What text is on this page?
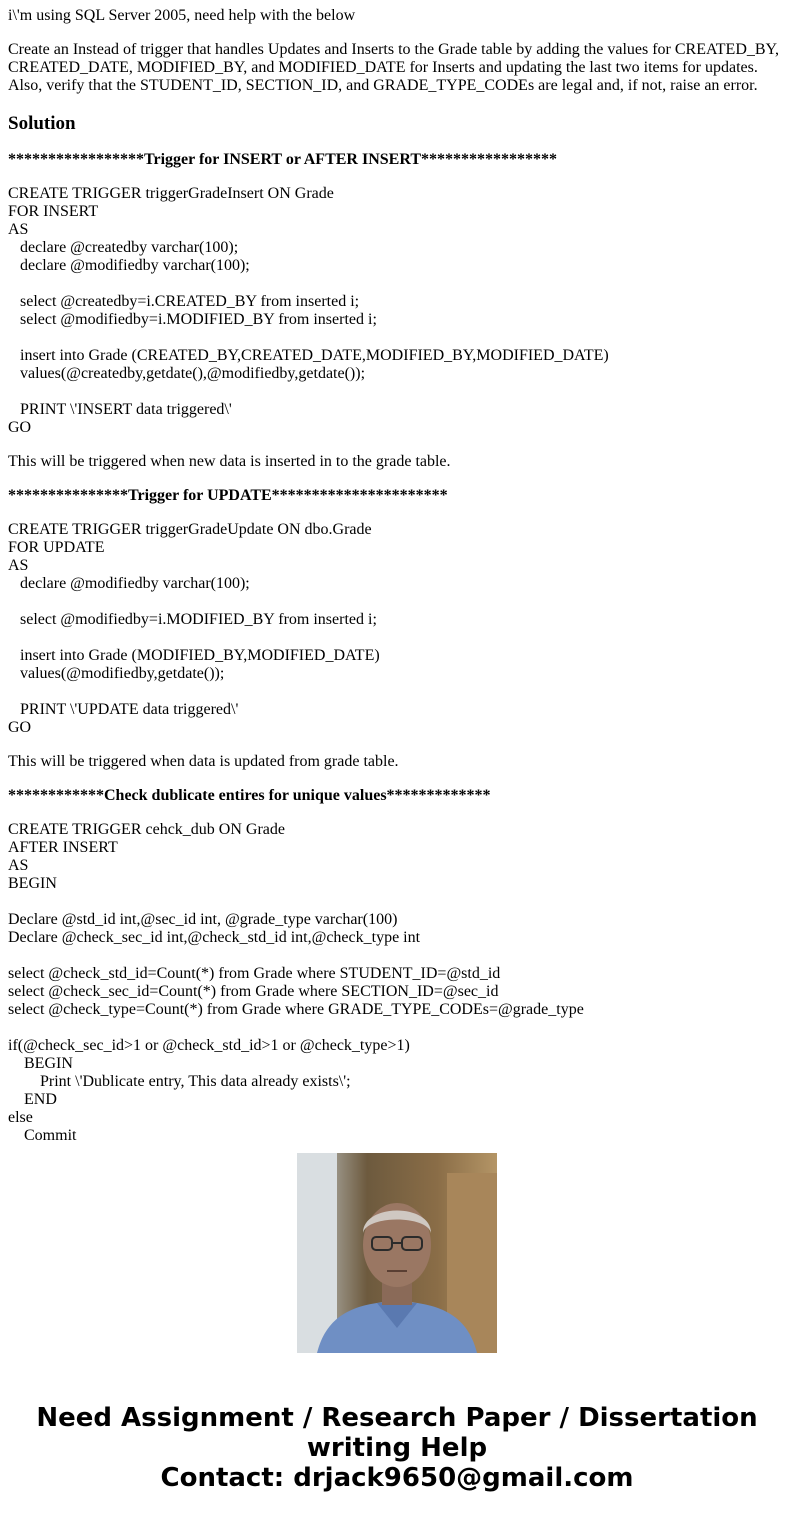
i\'m using SQL Server 2005, need help with the below

Create an Instead of trigger that handles Updates and Inserts to the Grade table by adding the values for CREATED_BY, CREATED_DATE, MODIFIED_BY, and MODIFIED_DATE for Inserts and updating the last two items for updates. Also, verify that the STUDENT_ID, SECTION_ID, and GRADE_TYPE_CODEs are legal and, if not, raise an error.

Solution
*****************Trigger for INSERT or AFTER INSERT*****************
CREATE TRIGGER triggerGradeInsert ON Grade
FOR INSERT
AS
declare @createdby varchar(100);
declare @modifiedby varchar(100);

select @createdby=i.CREATED_BY from inserted i;
select @modifiedby=i.MODIFIED_BY from inserted i;

insert into Grade (CREATED_BY,CREATED_DATE,MODIFIED_BY,MODIFIED_DATE)
values(@createdby,getdate(),@modifiedby,getdate());

PRINT \'INSERT data triggered\'
GO

This will be triggered when new data is inserted in to the grade table.

***************Trigger for UPDATE**********************
CREATE TRIGGER triggerGradeUpdate ON dbo.Grade
FOR UPDATE
AS
declare @modifiedby varchar(100);

select @modifiedby=i.MODIFIED_BY from inserted i;

insert into Grade (MODIFIED_BY,MODIFIED_DATE)
values(@modifiedby,getdate());

PRINT \'UPDATE data triggered\'
GO

This will be triggered when data is updated from grade table.

************Check dublicate entires for unique values*************
CREATE TRIGGER cehck_dub ON Grade
AFTER INSERT
AS
BEGIN

Declare @std_id int,@sec_id int, @grade_type varchar(100)
Declare @check_sec_id int,@check_std_id int,@check_type int

select @check_std_id=Count(*) from Grade where STUDENT_ID=@std_id
select @check_sec_id=Count(*) from Grade where SECTION_ID=@sec_id
select @check_type=Count(*) from Grade where GRADE_TYPE_CODEs=@grade_type

if(@check_sec_id>1 or @check_std_id>1 or @check_type>1)
BEGIN
Print \'Dublicate entry, This data already exists\';
END
else
Commit
Need Assignment / Research Paper / Dissertation
writing Help
Contact: drjack9650@gmail.com
